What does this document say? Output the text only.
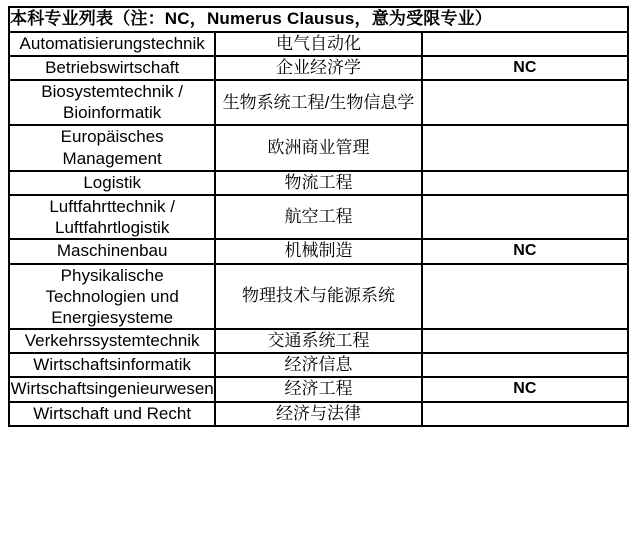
本科专业列表（注：NC，Numerus Clausus，意为受限专业）		
Automatisierungstechnik	电气自动化	
Betriebswirtschaft	企业经济学	NC
Biosystemtechnik / Bioinformatik	生物系统工程/生物信息学	
Europäisches Management	欧洲商业管理	
Logistik	物流工程	
Luftfahrttechnik / Luftfahrtlogistik	航空工程	
Maschinenbau	机械制造	NC
Physikalische Technologien und Energiesysteme	物理技术与能源系统	
Verkehrssystemtechnik	交通系统工程	
Wirtschaftsinformatik	经济信息	
Wirtschaftsingenieurwesen	经济工程	NC
Wirtschaft und Recht	经济与法律	
